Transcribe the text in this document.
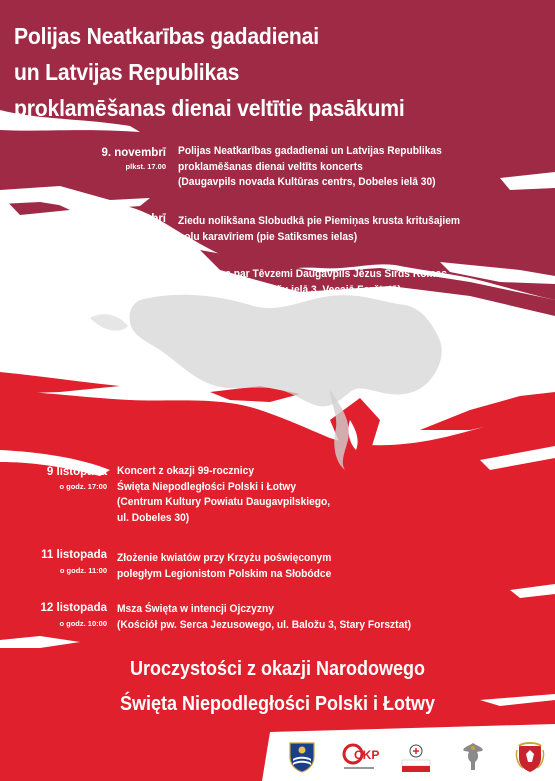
Polijas Neatkarības gadadienai
un Latvijas Republikas
proklamēšanas dienai veltītie pasākumi
9. novembrī
plkst. 17.00
Polijas Neatkarības gadadienai un Latvijas Republikas
proklamēšanas dienai veltīts koncerts
(Daugavpils novada Kultūras centrs, Dobeles ielā 30)
11. novembrī
plkst. 11.00
Ziedu nolikšana Slobudkā pie Piemiņas krusta kritušajiem
poļu karavīriem (pie Satiksmes ielas)
12. novembrī
plkst. 10.00
Svētā Mise par Tēvzemi Daugavpils Jēzus Sirds Romas
katoļu baznīcā (Baložu ielā 3, Vecajā Forštatē)
9 listopada
o godz. 17:00
Koncert z okazji 99-rocznicy
Święta Niepodległości Polski i Łotwy
(Centrum Kultury Powiatu Daugavpilskiego,
ul. Dobeles 30)
11 listopada
o godz. 11:00
Złożenie kwiatów przy Krzyżu poświęconym
poległym Legionistom Polskim na Słobódce
12 listopada
o godz. 10:00
Msza Święta w intencji Ojczyzny
(Kościół pw. Serca Jezusowego, ul. Baložu 3, Stary Forsztat)
Uroczystości z okazji Narodowego
Święta Niepodległości Polski i Łotwy
CKP
